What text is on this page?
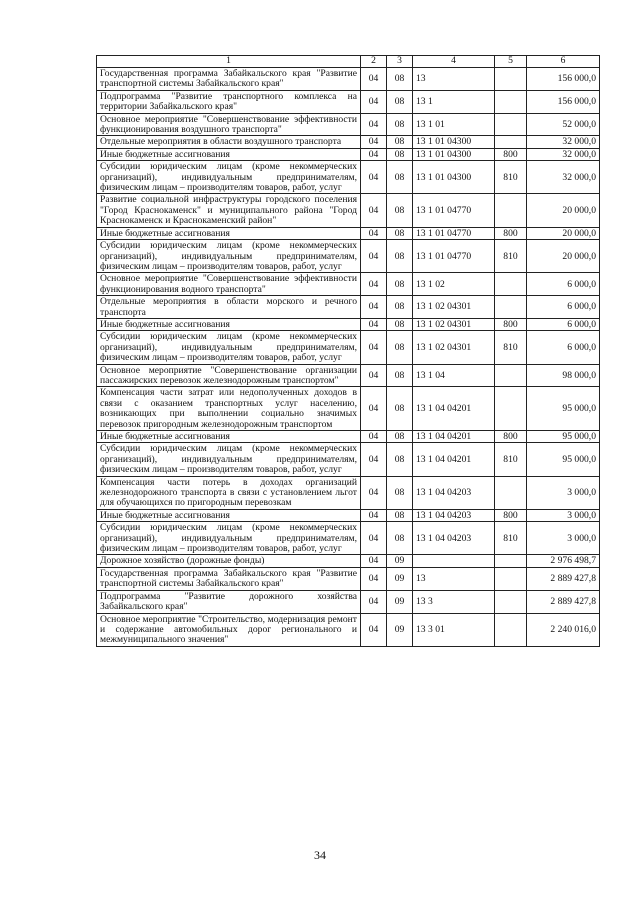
1	2	3	4	5	6
Государственная программа Забайкальского края "Развитие транспортной системы Забайкальского края"	04	08	13		156 000,0
Подпрограмма "Развитие транспортного комплекса на территории Забайкальского края"	04	08	13 1		156 000,0
Основное мероприятие "Совершенствование эффективности функционирования воздушного транспорта"	04	08	13 1 01		52 000,0
Отдельные мероприятия в области воздушного транспорта	04	08	13 1 01 04300		32 000,0
Иные бюджетные ассигнования	04	08	13 1 01 04300	800	32 000,0
Субсидии юридическим лицам (кроме некоммерческих организаций), индивидуальным предпринимателям, физическим лицам – производителям товаров, работ, услуг	04	08	13 1 01 04300	810	32 000,0
Развитие социальной инфраструктуры городского поселения "Город Краснокаменск" и муниципального района "Город Краснокаменск и Краснокаменский район"	04	08	13 1 01 04770		20 000,0
Иные бюджетные ассигнования	04	08	13 1 01 04770	800	20 000,0
Субсидии юридическим лицам (кроме некоммерческих организаций), индивидуальным предпринимателям, физическим лицам – производителям товаров, работ, услуг	04	08	13 1 01 04770	810	20 000,0
Основное мероприятие "Совершенствование эффективности функционирования водного транспорта"	04	08	13 1 02		6 000,0
Отдельные мероприятия в области морского и речного транспорта	04	08	13 1 02 04301		6 000,0
Иные бюджетные ассигнования	04	08	13 1 02 04301	800	6 000,0
Субсидии юридическим лицам (кроме некоммерческих организаций), индивидуальным предпринимателям, физическим лицам – производителям товаров, работ, услуг	04	08	13 1 02 04301	810	6 000,0
Основное мероприятие "Совершенствование организации пассажирских перевозок железнодорожным транспортом"	04	08	13 1 04		98 000,0
Компенсация части затрат или недополученных доходов в связи с оказанием транспортных услуг населению, возникающих при выполнении социально значимых перевозок пригородным железнодорожным транспортом	04	08	13 1 04 04201		95 000,0
Иные бюджетные ассигнования	04	08	13 1 04 04201	800	95 000,0
Субсидии юридическим лицам (кроме некоммерческих организаций), индивидуальным предпринимателям, физическим лицам – производителям товаров, работ, услуг	04	08	13 1 04 04201	810	95 000,0
Компенсация части потерь в доходах организаций железнодорожного транспорта в связи с установлением льгот для обучающихся по пригородным перевозкам	04	08	13 1 04 04203		3 000,0
Иные бюджетные ассигнования	04	08	13 1 04 04203	800	3 000,0
Субсидии юридическим лицам (кроме некоммерческих организаций), индивидуальным предпринимателям, физическим лицам – производителям товаров, работ, услуг	04	08	13 1 04 04203	810	3 000,0
Дорожное хозяйство (дорожные фонды)	04	09			2 976 498,7
Государственная программа Забайкальского края "Развитие транспортной системы Забайкальского края"	04	09	13		2 889 427,8
Подпрограмма "Развитие дорожного хозяйства Забайкальского края"	04	09	13 3		2 889 427,8
Основное мероприятие "Строительство, модернизация ремонт и содержание автомобильных дорог регионального и межмуниципального значения"	04	09	13 3 01		2 240 016,0
34
